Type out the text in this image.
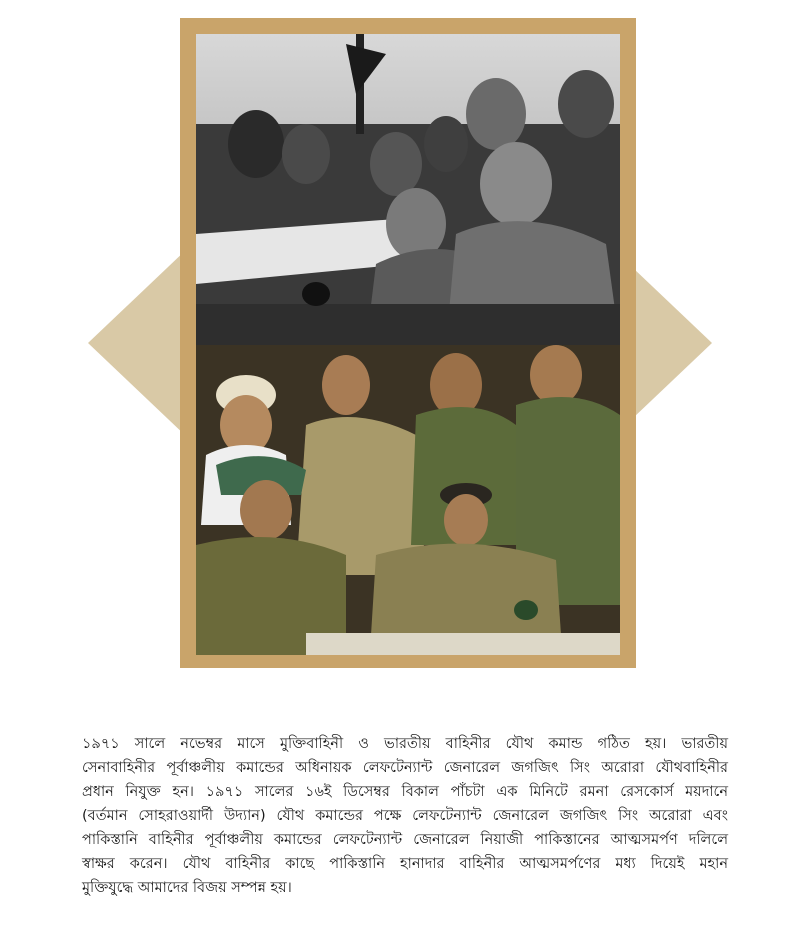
১৯৭১ সালে নভেম্বর মাসে মুক্তিবাহিনী ও ভারতীয় বাহিনীর যৌথ কমান্ড গঠিত হয়। ভারতীয়
সেনাবাহিনীর পূর্বাঞ্চলীয় কমান্ডের অধিনায়ক লেফটেন্যান্ট জেনারেল জগজিৎ সিং অরোরা যৌথবাহিনীর
প্রধান নিযুক্ত হন। ১৯৭১ সালের ১৬ই ডিসেম্বর বিকাল পাঁচটা এক মিনিটে রমনা রেসকোর্স ময়দানে
(বর্তমান সোহরাওয়ার্দী উদ্যান) যৌথ কমান্ডের পক্ষে লেফটেন্যান্ট জেনারেল জগজিৎ সিং অরোরা এবং
পাকিস্তানি বাহিনীর পূর্বাঞ্চলীয় কমান্ডের লেফটেন্যান্ট জেনারেল নিয়াজী পাকিস্তানের আত্মসমর্পণ দলিলে
স্বাক্ষর করেন। যৌথ বাহিনীর কাছে পাকিস্তানি হানাদার বাহিনীর আত্মসমর্পণের মধ্য দিয়েই মহান
মুক্তিযুদ্ধে আমাদের বিজয় সম্পন্ন হয়।
